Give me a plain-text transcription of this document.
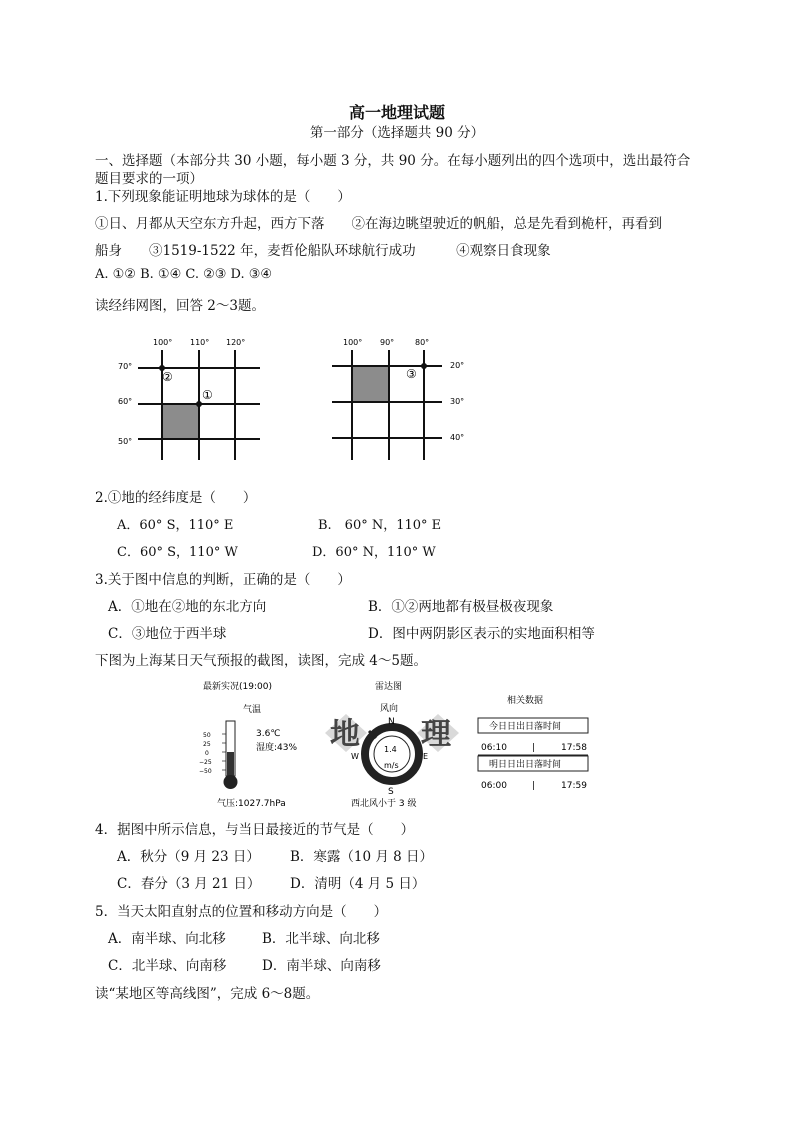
高一地理试题
第一部分（选择题共 90 分）
一、选择题（本部分共 30 小题，每小题 3 分，共 90 分。在每小题列出的四个选项中，选出最符合
题目要求的一项）
1.下列现象能证明地球为球体的是（　　）
①日、月都从天空东方升起，西方下落　　②在海边眺望驶近的帆船，总是先看到桅杆，再看到
船身　　③1519-1522 年，麦哲伦船队环球航行成功　　　④观察日食现象
A. ①② B. ①④ C. ②③ D. ③④
读经纬网图，回答 2～3题。
100° 110° 120°
70°
60°
50°
②
①
100° 90°	80°
20°
30°
40°
③
2.①地的经纬度是（　　）
A．60° S，110° E	B.　60° N，110° E
C．60° S，110° W	D．60° N，110° W
3.关于图中信息的判断，正确的是（　　）
A．①地在②地的东北方向	B．①②两地都有极昼极夜现象
C．③地位于西半球	D．图中两阴影区表示的实地面积相等
下图为上海某日天气预报的截图，读图，完成 4～5题。
最新实况(19:00)
气温
50
25
0
−25
−50
3.6℃
湿度:43%
气压:1027.7hPa
雷达图
风向
地 理
N
S
W	E
1.4
m/s
西北风小于 3 级
相关数据
今日日出日落时间
06:10	|	17:58
明日日出日落时间
06:00	|	17:59
4．据图中所示信息，与当日最接近的节气是（　　）
A．秋分（9 月 23 日） B．寒露（10 月 8 日）
C．春分（3 月 21 日） D．清明（4 月 5 日）
5．当天太阳直射点的位置和移动方向是（　　）
A．南半球、向北移	B．北半球、向北移
C．北半球、向南移	D．南半球、向南移
读“某地区等高线图”，完成 6～8题。
